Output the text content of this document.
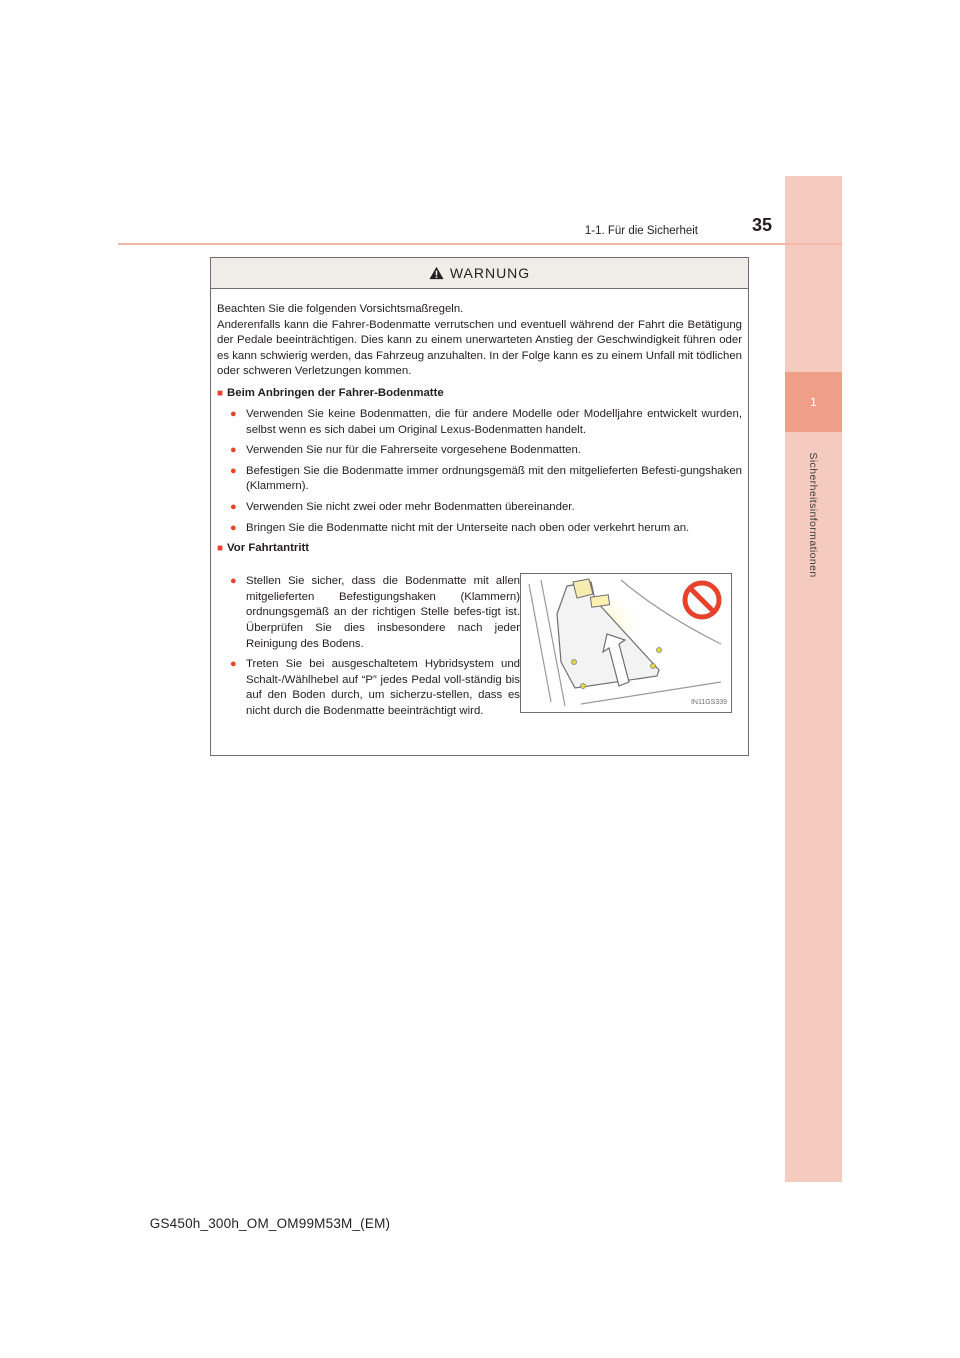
1
Sicherheitsinformationen
1-1. Für die Sicherheit	35
WARNUNG

Beachten Sie die folgenden Vorsichtsmaßregeln.
Anderenfalls kann die Fahrer-Bodenmatte verrutschen und eventuell während der Fahrt die Betätigung der Pedale beeinträchtigen. Dies kann zu einem unerwarteten Anstieg der Geschwindigkeit führen oder es kann schwierig werden, das Fahrzeug anzuhalten. In der Folge kann es zu einem Unfall mit tödlichen oder schweren Verletzungen kommen.

■ Beim Anbringen der Fahrer-Bodenmatte
● Verwenden Sie keine Bodenmatten, die für andere Modelle oder Modelljahre entwickelt wurden, selbst wenn es sich dabei um Original Lexus-Bodenmatten handelt.
● Verwenden Sie nur für die Fahrerseite vorgesehene Bodenmatten.
● Befestigen Sie die Bodenmatte immer ordnungsgemäß mit den mitgelieferten Befesti-gungshaken (Klammern).
● Verwenden Sie nicht zwei oder mehr Bodenmatten übereinander.
● Bringen Sie die Bodenmatte nicht mit der Unterseite nach oben oder verkehrt herum an.
■ Vor Fahrtantritt
● Stellen Sie sicher, dass die Bodenmatte mit allen mitgelieferten Befestigungshaken (Klammern) ordnungsgemäß an der richtigen Stelle befes-tigt ist. Überprüfen Sie dies insbesondere nach jeder Reinigung des Bodens.
● Treten Sie bei ausgeschaltetem Hybridsystem und Schalt-/Wählhebel auf “P” jedes Pedal voll-ständig bis auf den Boden durch, um sicherzu-stellen, dass es nicht durch die Bodenmatte beeinträchtigt wird.
IN11GS339
GS450h_300h_OM_OM99M53M_(EM)
